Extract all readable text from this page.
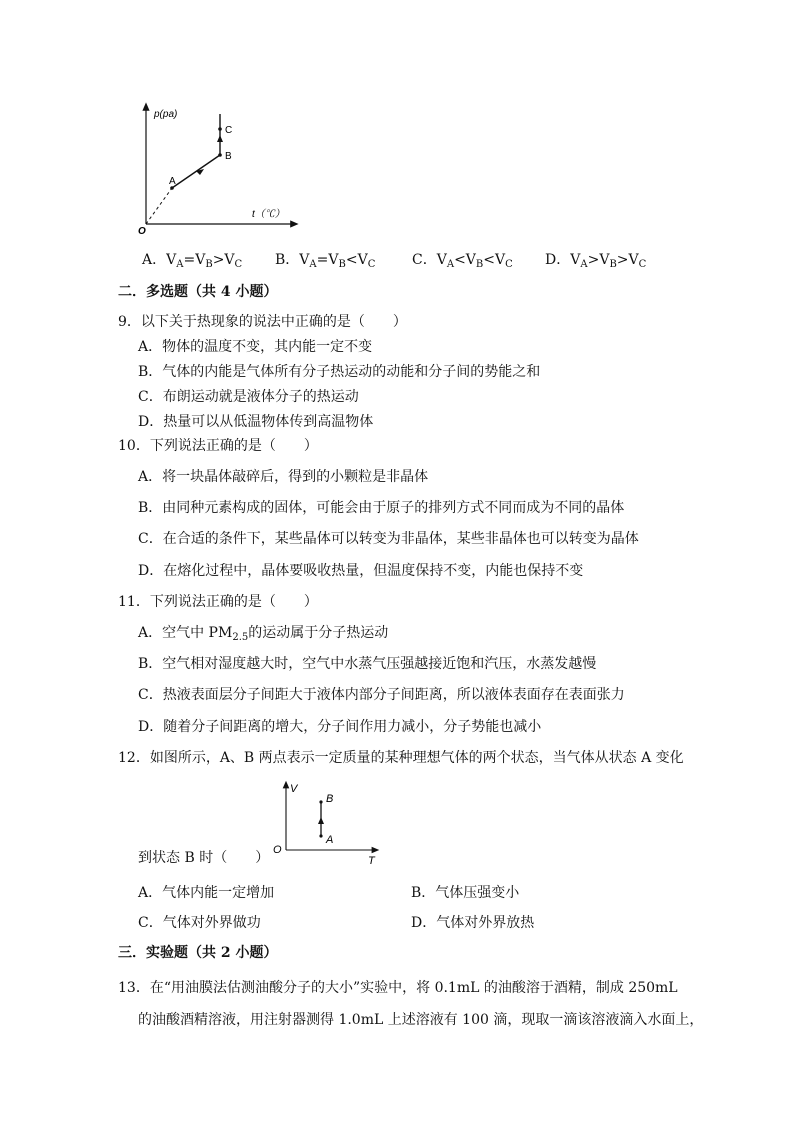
p(pa)
t（℃）
O
A
B
C
A．$V_A=V_B>V_C$ B．$V_A=V_B<V_C$	C．$V_A<V_B<V_C$ D．$V_A>V_B>V_C$
二．多选题（共 4 小题）
9．以下关于热现象的说法中正确的是（　　）
A．物体的温度不变，其内能一定不变
B．气体的内能是气体所有分子热运动的动能和分子间的势能之和
C．布朗运动就是液体分子的热运动
D．热量可以从低温物体传到高温物体
10．下列说法正确的是（　　）
A．将一块晶体敲碎后，得到的小颗粒是非晶体
B．由同种元素构成的固体，可能会由于原子的排列方式不同而成为不同的晶体
C．在合适的条件下，某些晶体可以转变为非晶体，某些非晶体也可以转变为晶体
D．在熔化过程中，晶体要吸收热量，但温度保持不变，内能也保持不变
11．下列说法正确的是（　　）
A．空气中 $PM_{2.5}$的运动属于分子热运动
B．空气相对湿度越大时，空气中水蒸气压强越接近饱和汽压，水蒸发越慢
C．热液表面层分子间距大于液体内部分子间距离，所以液体表面存在表面张力
D．随着分子间距离的增大，分子间作用力减小，分子势能也减小
12．如图所示，A、B 两点表示一定质量的某种理想气体的两个状态，当气体从状态 A 变化
V
T
O
B
A
到状态 B 时（　　）
A．气体内能一定增加	B．气体压强变小
C．气体对外界做功	D．气体对外界放热
三．实验题（共 2 小题）
13．在“用油膜法估测油酸分子的大小”实验中，将 0.1mL 的油酸溶于酒精，制成 250mL
的油酸酒精溶液，用注射器测得 1.0mL 上述溶液有 100 滴，现取一滴该溶液滴入水面上，
